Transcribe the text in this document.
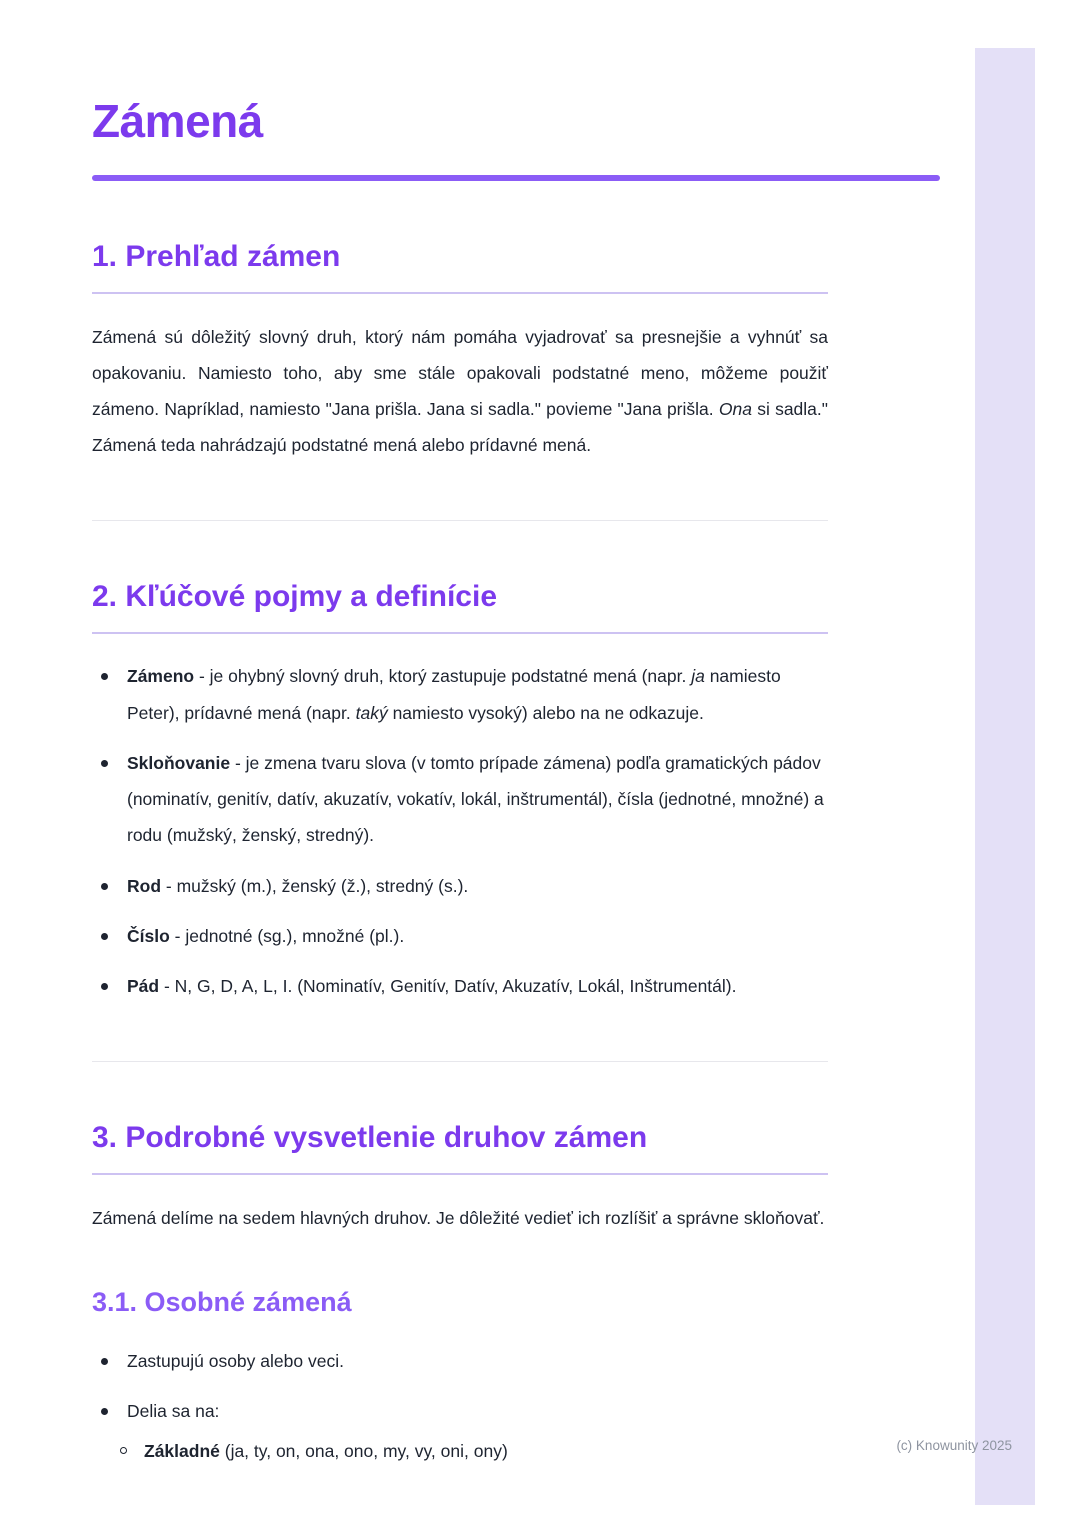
Zámená
1. Prehľad zámen

Zámená sú dôležitý slovný druh, ktorý nám pomáha vyjadrovať sa presnejšie a vyhnúť sa opakovaniu. Namiesto toho, aby sme stále opakovali podstatné meno, môžeme použiť zámeno. Napríklad, namiesto "Jana prišla. Jana si sadla." povieme "Jana prišla. Ona si sadla." Zámená teda nahrádzajú podstatné mená alebo prídavné mená.

2. Kľúčové pojmy a definície
Zámeno - je ohybný slovný druh, ktorý zastupuje podstatné mená (napr. ja namiesto Peter), prídavné mená (napr. taký namiesto vysoký) alebo na ne odkazuje.
Skloňovanie - je zmena tvaru slova (v tomto prípade zámena) podľa gramatických pádov (nominatív, genitív, datív, akuzatív, vokatív, lokál, inštrumentál), čísla (jednotné, množné) a rodu (mužský, ženský, stredný).
Rod - mužský (m.), ženský (ž.), stredný (s.).
Číslo - jednotné (sg.), množné (pl.).
Pád - N, G, D, A, L, I. (Nominatív, Genitív, Datív, Akuzatív, Lokál, Inštrumentál).
3. Podrobné vysvetlenie druhov zámen

Zámená delíme na sedem hlavných druhov. Je dôležité vedieť ich rozlíšiť a správne skloňovať.

3.1. Osobné zámená
Zastupujú osoby alebo veci.
Delia sa na:
Základné (ja, ty, on, ona, ono, my, vy, oni, ony)	(c) Knowunity 2025
